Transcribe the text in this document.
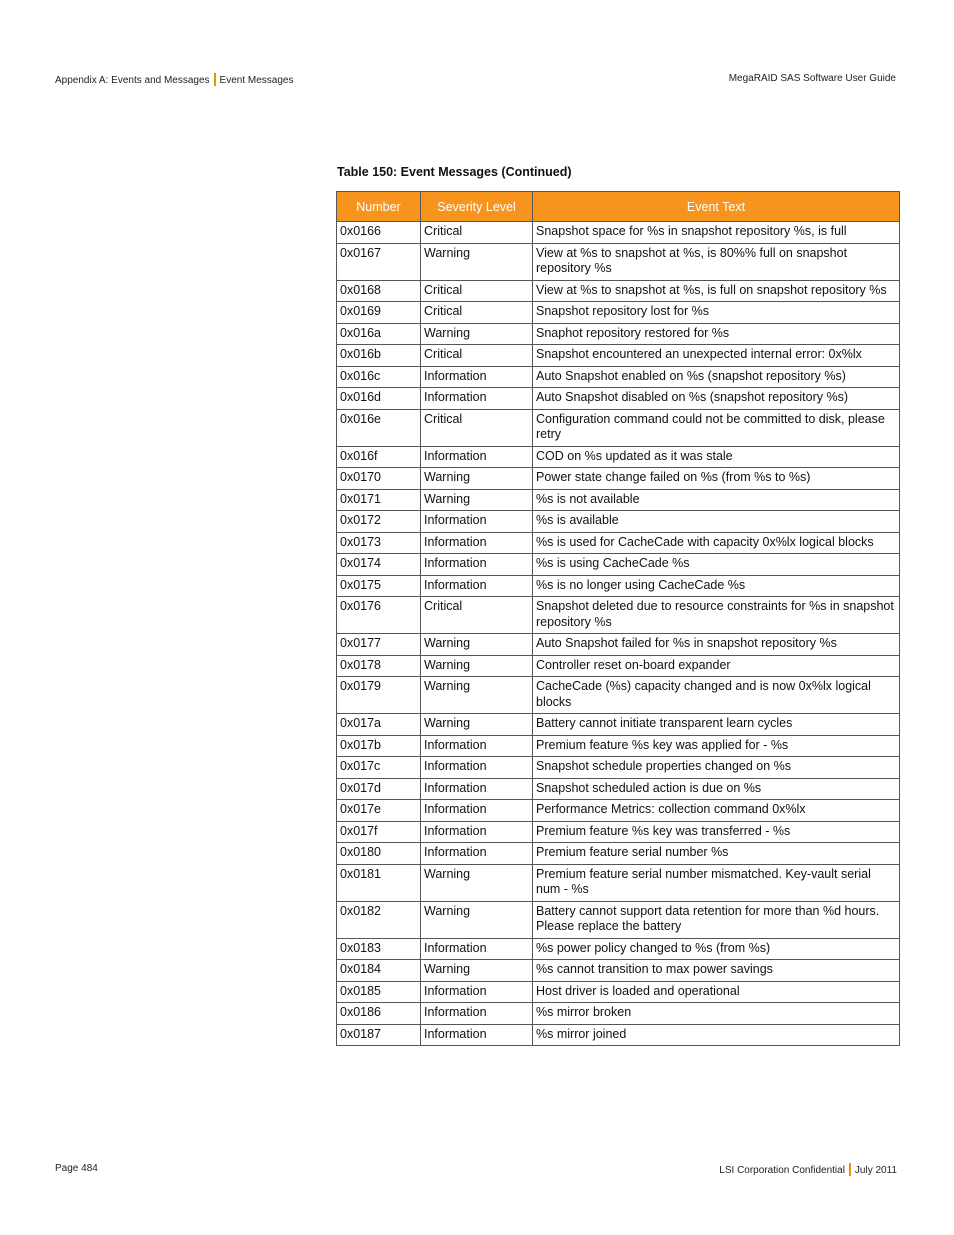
Appendix A: Events and Messages Event Messages	MegaRAID SAS Software User Guide
Table 150: Event Messages (Continued)
Number	Severity Level	Event Text
0x0166	Critical	Snapshot space for %s in snapshot repository %s, is full
0x0167	Warning	View at %s to snapshot at %s, is 80%% full on snapshot repository %s
0x0168	Critical	View at %s to snapshot at %s, is full on snapshot repository %s
0x0169	Critical	Snapshot repository lost for %s
0x016a	Warning	Snaphot repository restored for %s
0x016b	Critical	Snapshot encountered an unexpected internal error: 0x%lx
0x016c	Information	Auto Snapshot enabled on %s (snapshot repository %s)
0x016d	Information	Auto Snapshot disabled on %s (snapshot repository %s)
0x016e	Critical	Configuration command could not be committed to disk, please retry
0x016f	Information	COD on %s updated as it was stale
0x0170	Warning	Power state change failed on %s (from %s to %s)
0x0171	Warning	%s is not available
0x0172	Information	%s is available
0x0173	Information	%s is used for CacheCade with capacity 0x%lx logical blocks
0x0174	Information	%s is using CacheCade %s
0x0175	Information	%s is no longer using CacheCade %s
0x0176	Critical	Snapshot deleted due to resource constraints for %s in snapshot repository %s
0x0177	Warning	Auto Snapshot failed for %s in snapshot repository %s
0x0178	Warning	Controller reset on-board expander
0x0179	Warning	CacheCade (%s) capacity changed and is now 0x%lx logical blocks
0x017a	Warning	Battery cannot initiate transparent learn cycles
0x017b	Information	Premium feature %s key was applied for - %s
0x017c	Information	Snapshot schedule properties changed on %s
0x017d	Information	Snapshot scheduled action is due on %s
0x017e	Information	Performance Metrics: collection command 0x%lx
0x017f	Information	Premium feature %s key was transferred - %s
0x0180	Information	Premium feature serial number %s
0x0181	Warning	Premium feature serial number mismatched. Key-vault serial num - %s
0x0182	Warning	Battery cannot support data retention for more than %d hours. Please replace the battery
0x0183	Information	%s power policy changed to %s (from %s)
0x0184	Warning	%s cannot transition to max power savings
0x0185	Information	Host driver is loaded and operational
0x0186	Information	%s mirror broken
0x0187	Information	%s mirror joined
Page 484	LSI Corporation Confidential July 2011
